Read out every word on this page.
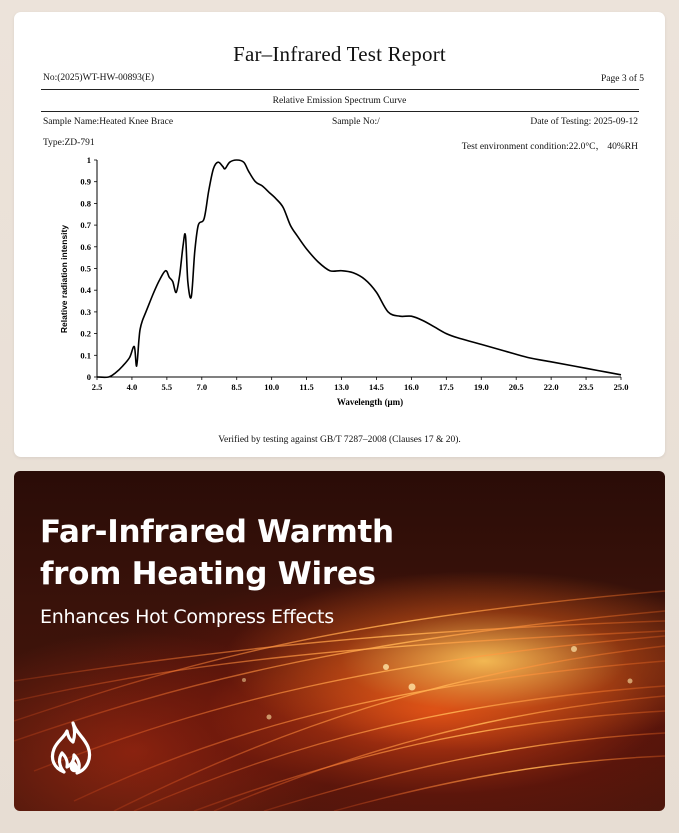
Far–Infrared Test Report
No:(2025)WT-HW-00893(E)	Page 3 of 5
Relative Emission Spectrum Curve
Sample Name:Heated Knee Brace	Sample No:/	Date of Testing: 2025-09-12
Type:ZD-791	Test environment condition:22.0°C， 40%RH
Relative radiation intensity
Wavelength (μm)
2.5	4.0	5.5	7.0	8.5	10.0 11.5 13.0 14.5 16.0 17.5 19.0 20.5 22.0 23.5 25.0
0
0.1
0.2
0.3
0.4
0.5
0.6
0.7
0.8
0.9
1
Verified by testing against GB/T 7287–2008 (Clauses 17 & 20).
Far-Infrared Warmth
from Heating Wires
Enhances Hot Compress Effects
